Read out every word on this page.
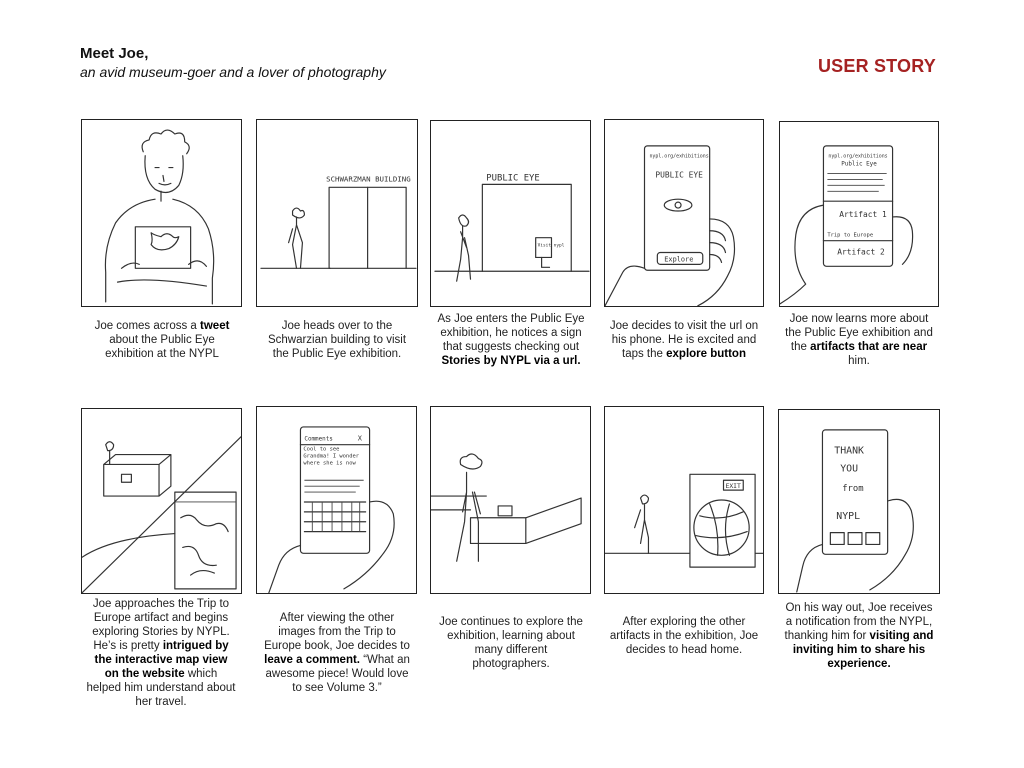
Meet Joe,
an avid museum-goer and a lover of photography	USER STORY
SCHWARZMAN BUILDING	PUBLIC EYE
Visit nypl
nypl.org/exhibitions
PUBLIC EYE
Explore
nypl.org/exhibitions
Public Eye
Artifact 1
Trip to Europe
Artifact 2
Joe comes across a tweet about the Public Eye exhibition at the NYPL
Joe heads over to the Schwarzian building to visit the Public Eye exhibition.
As Joe enters the Public Eye exhibition, he notices a sign that suggests checking out Stories by NYPL via a url.
Joe decides to visit the url on his phone. He is excited and taps the explore button
Joe now learns more about the Public Eye exhibition and the artifacts that are near him.
Comments	X
Cool to see Grandma! I wonder where she is now
EXIT
THANK
YOU
from
NYPL
Joe approaches the Trip to Europe artifact and begins exploring Stories by NYPL. He’s is pretty intrigued by the interactive map view on the website which helped him understand about her travel.
After viewing the other images from the Trip to Europe book, Joe decides to leave a comment. “What an awesome piece! Would love to see Volume 3.”
Joe continues to explore the exhibition, learning about many different photographers.
After exploring the other artifacts in the exhibition, Joe decides to head home.
On his way out, Joe receives a notification from the NYPL, thanking him for visiting and inviting him to share his experience.
